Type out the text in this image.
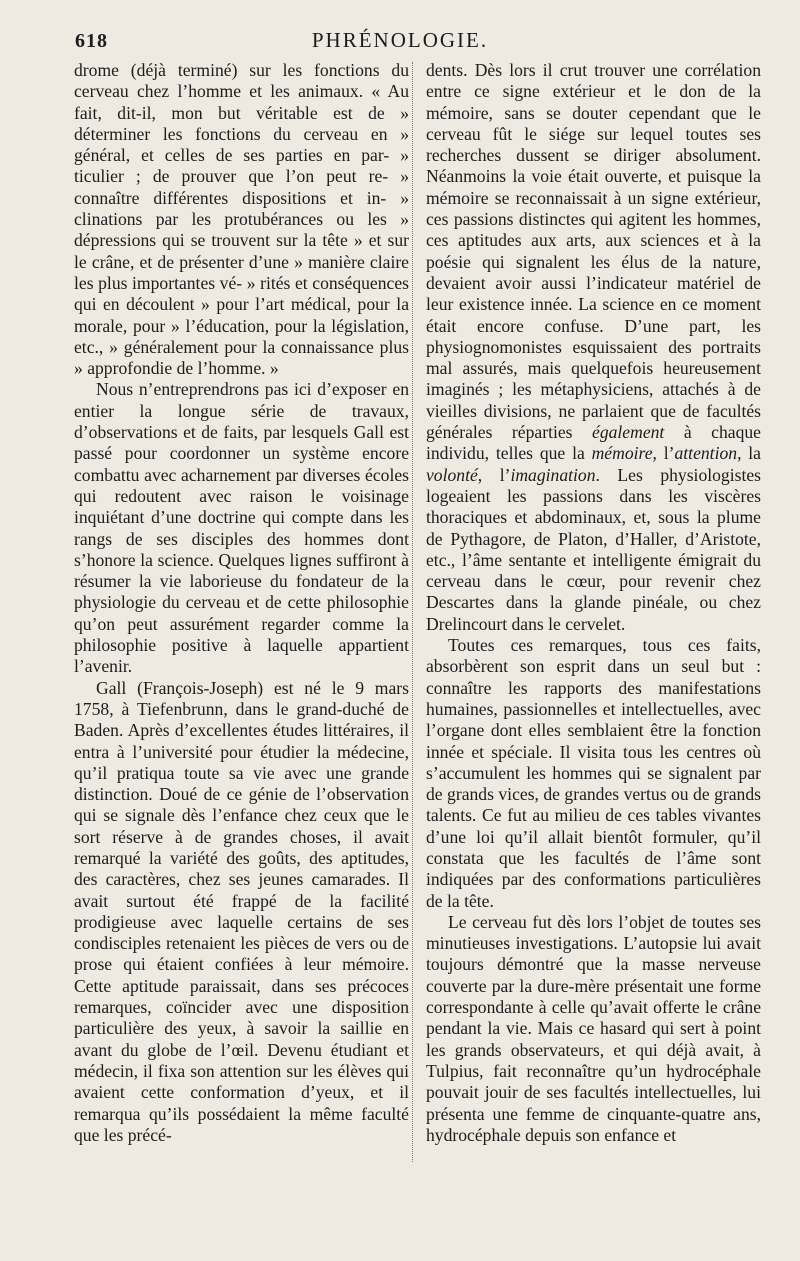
618	PHRÉNOLOGIE.

drome (déjà terminé) sur les fonctions du cerveau chez l’homme et les animaux. « Au fait, dit-il, mon but véritable est de » déterminer les fonctions du cerveau en » général, et celles de ses parties en par- » ticulier ; de prouver que l’on peut re- » connaître différentes dispositions et in- » clinations par les protubérances ou les » dépressions qui se trouvent sur la tête » et sur le crâne, et de présenter d’une » manière claire les plus importantes vé- » rités et conséquences qui en découlent » pour l’art médical, pour la morale, pour » l’éducation, pour la législation, etc., » généralement pour la connaissance plus » approfondie de l’homme. »

Nous n’entreprendrons pas ici d’exposer en entier la longue série de travaux, d’observations et de faits, par lesquels Gall est passé pour coordonner un système encore combattu avec acharnement par diverses écoles qui redoutent avec raison le voisinage inquiétant d’une doctrine qui compte dans les rangs de ses disciples des hommes dont s’honore la science. Quelques lignes suffiront à résumer la vie laborieuse du fondateur de la physiologie du cerveau et de cette philosophie qu’on peut assurément regarder comme la philosophie positive à laquelle appartient l’avenir.

Gall (François-Joseph) est né le 9 mars 1758, à Tiefenbrunn, dans le grand-duché de Baden. Après d’excellentes études littéraires, il entra à l’université pour étudier la médecine, qu’il pratiqua toute sa vie avec une grande distinction. Doué de ce génie de l’observation qui se signale dès l’enfance chez ceux que le sort réserve à de grandes choses, il avait remarqué la variété des goûts, des aptitudes, des caractères, chez ses jeunes camarades. Il avait surtout été frappé de la facilité prodigieuse avec laquelle certains de ses condisciples retenaient les pièces de vers ou de prose qui étaient confiées à leur mémoire. Cette aptitude paraissait, dans ses précoces remarques, coïncider avec une disposition particulière des yeux, à savoir la saillie en avant du globe de l’œil. Devenu étudiant et médecin, il fixa son attention sur les élèves qui avaient cette conformation d’yeux, et il remarqua qu’ils possédaient la même faculté que les précé-

dents. Dès lors il crut trouver une corrélation entre ce signe extérieur et le don de la mémoire, sans se douter cependant que le cerveau fût le siége sur lequel toutes ses recherches dussent se diriger absolument. Néanmoins la voie était ouverte, et puisque la mémoire se reconnaissait à un signe extérieur, ces passions distinctes qui agitent les hommes, ces aptitudes aux arts, aux sciences et à la poésie qui signalent les élus de la nature, devaient avoir aussi l’indicateur matériel de leur existence innée. La science en ce moment était encore confuse. D’une part, les physiognomonistes esquissaient des portraits mal assurés, mais quelquefois heureusement imaginés ; les métaphysiciens, attachés à de vieilles divisions, ne parlaient que de facultés générales réparties également à chaque individu, telles que la mémoire, l’attention, la volonté, l’imagination. Les physiologistes logeaient les passions dans les viscères thoraciques et abdominaux, et, sous la plume de Pythagore, de Platon, d’Haller, d’Aristote, etc., l’âme sentante et intelligente émigrait du cerveau dans le cœur, pour revenir chez Descartes dans la glande pinéale, ou chez Drelincourt dans le cervelet.

Toutes ces remarques, tous ces faits, absorbèrent son esprit dans un seul but : connaître les rapports des manifestations humaines, passionnelles et intellectuelles, avec l’organe dont elles semblaient être la fonction innée et spéciale. Il visita tous les centres où s’accumulent les hommes qui se signalent par de grands vices, de grandes vertus ou de grands talents. Ce fut au milieu de ces tables vivantes d’une loi qu’il allait bientôt formuler, qu’il constata que les facultés de l’âme sont indiquées par des conformations particulières de la tête.

Le cerveau fut dès lors l’objet de toutes ses minutieuses investigations. L’autopsie lui avait toujours démontré que la masse nerveuse couverte par la dure-mère présentait une forme correspondante à celle qu’avait offerte le crâne pendant la vie. Mais ce hasard qui sert à point les grands observateurs, et qui déjà avait, à Tulpius, fait reconnaître qu’un hydrocéphale pouvait jouir de ses facultés intellectuelles, lui présenta une femme de cinquante-quatre ans, hydrocéphale depuis son enfance et
